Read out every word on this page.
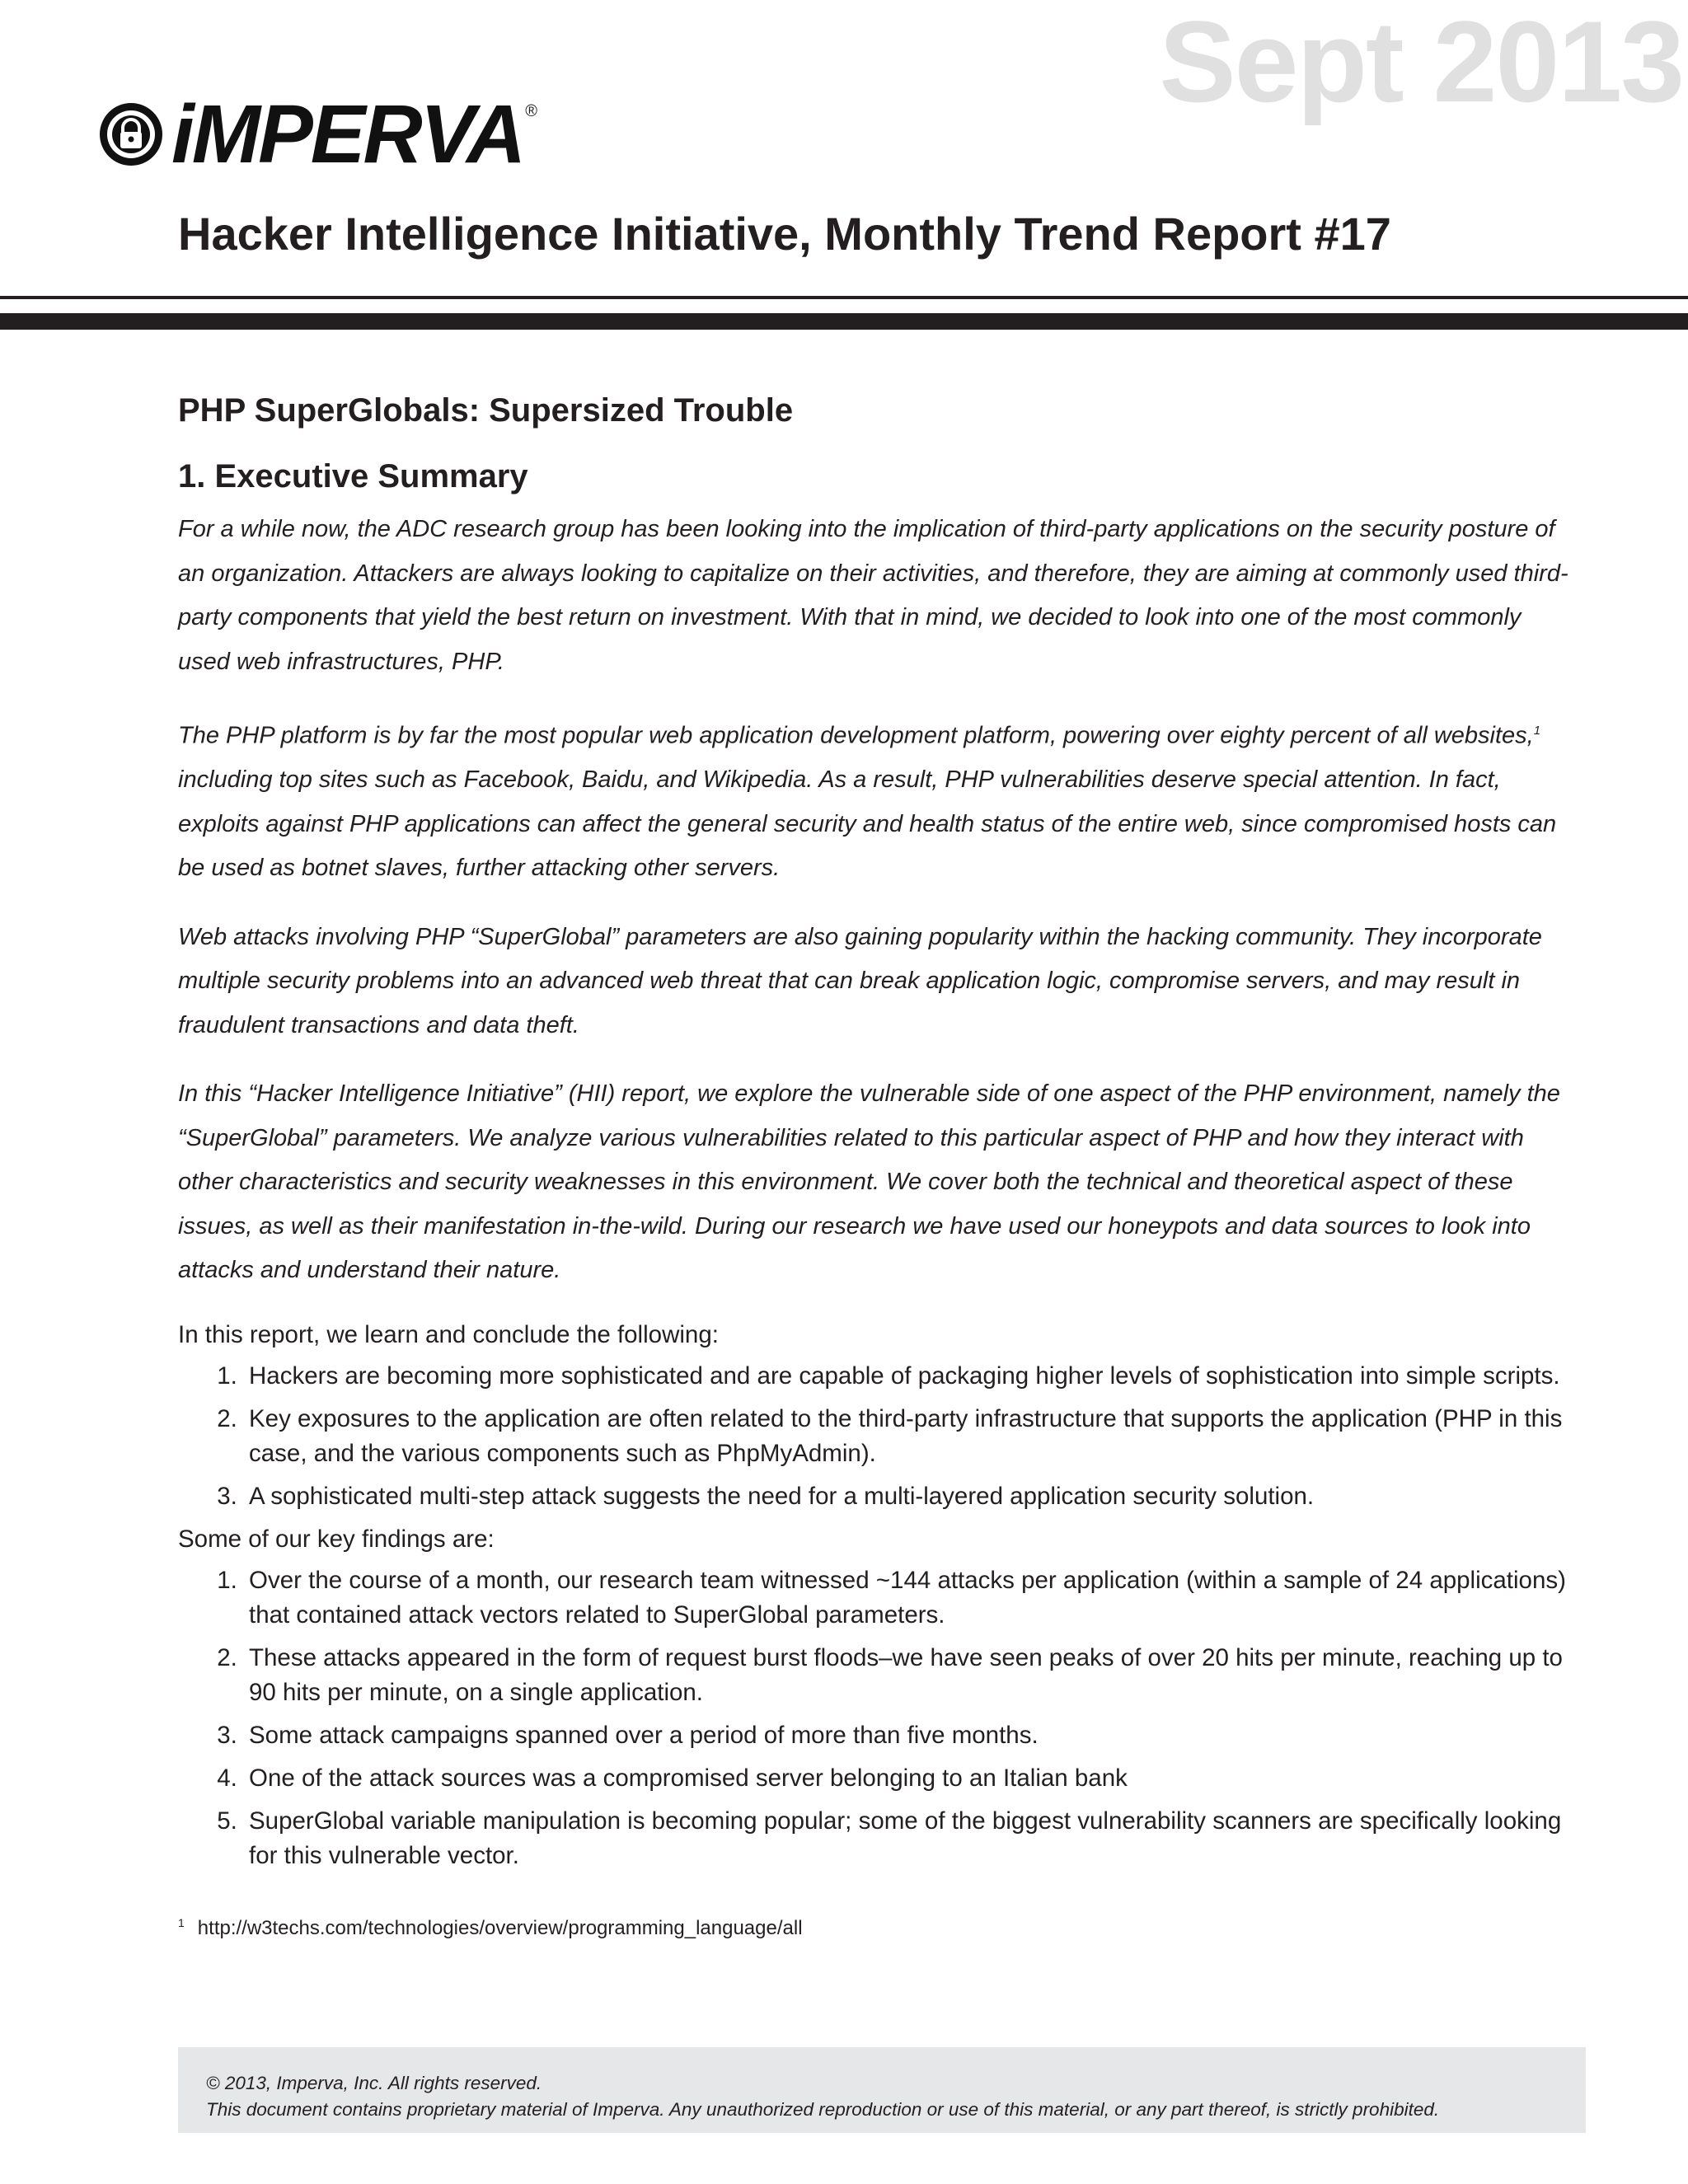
Sept 2013
iMPERVA ®
Hacker Intelligence Initiative, Monthly Trend Report #17
PHP SuperGlobals: Supersized Trouble
1. Executive Summary

For a while now, the ADC research group has been looking into the implication of third-party applications on the security posture of an organization. Attackers are always looking to capitalize on their activities, and therefore, they are aiming at commonly used third-party components that yield the best return on investment. With that in mind, we decided to look into one of the most commonly used web infrastructures, PHP.

The PHP platform is by far the most popular web application development platform, powering over eighty percent of all websites,$^1$ including top sites such as Facebook, Baidu, and Wikipedia. As a result, PHP vulnerabilities deserve special attention. In fact, exploits against PHP applications can affect the general security and health status of the entire web, since compromised hosts can be used as botnet slaves, further attacking other servers.

Web attacks involving PHP “SuperGlobal” parameters are also gaining popularity within the hacking community. They incorporate multiple security problems into an advanced web threat that can break application logic, compromise servers, and may result in fraudulent transactions and data theft.

In this “Hacker Intelligence Initiative” (HII) report, we explore the vulnerable side of one aspect of the PHP environment, namely the “SuperGlobal” parameters. We analyze various vulnerabilities related to this particular aspect of PHP and how they interact with other characteristics and security weaknesses in this environment. We cover both the technical and theoretical aspect of these issues, as well as their manifestation in-the-wild. During our research we have used our honeypots and data sources to look into attacks and understand their nature.

In this report, we learn and conclude the following:
1. Hackers are becoming more sophisticated and are capable of packaging higher levels of sophistication into simple scripts.
2. Key exposures to the application are often related to the third-party infrastructure that supports the application (PHP in this case, and the various components such as PhpMyAdmin).
3. A sophisticated multi-step attack suggests the need for a multi-layered application security solution.
Some of our key findings are:
1. Over the course of a month, our research team witnessed ~144 attacks per application (within a sample of 24 applications) that contained attack vectors related to SuperGlobal parameters.
2. These attacks appeared in the form of request burst floods–we have seen peaks of over 20 hits per minute, reaching up to 90 hits per minute, on a single application.
3. Some attack campaigns spanned over a period of more than five months.
4. One of the attack sources was a compromised server belonging to an Italian bank
5. SuperGlobal variable manipulation is becoming popular; some of the biggest vulnerability scanners are specifically looking for this vulnerable vector.
$^1$ http://w3techs.com/technologies/overview/programming_language/all
© 2013, Imperva, Inc. All rights reserved.
This document contains proprietary material of Imperva. Any unauthorized reproduction or use of this material, or any part thereof, is strictly prohibited.
